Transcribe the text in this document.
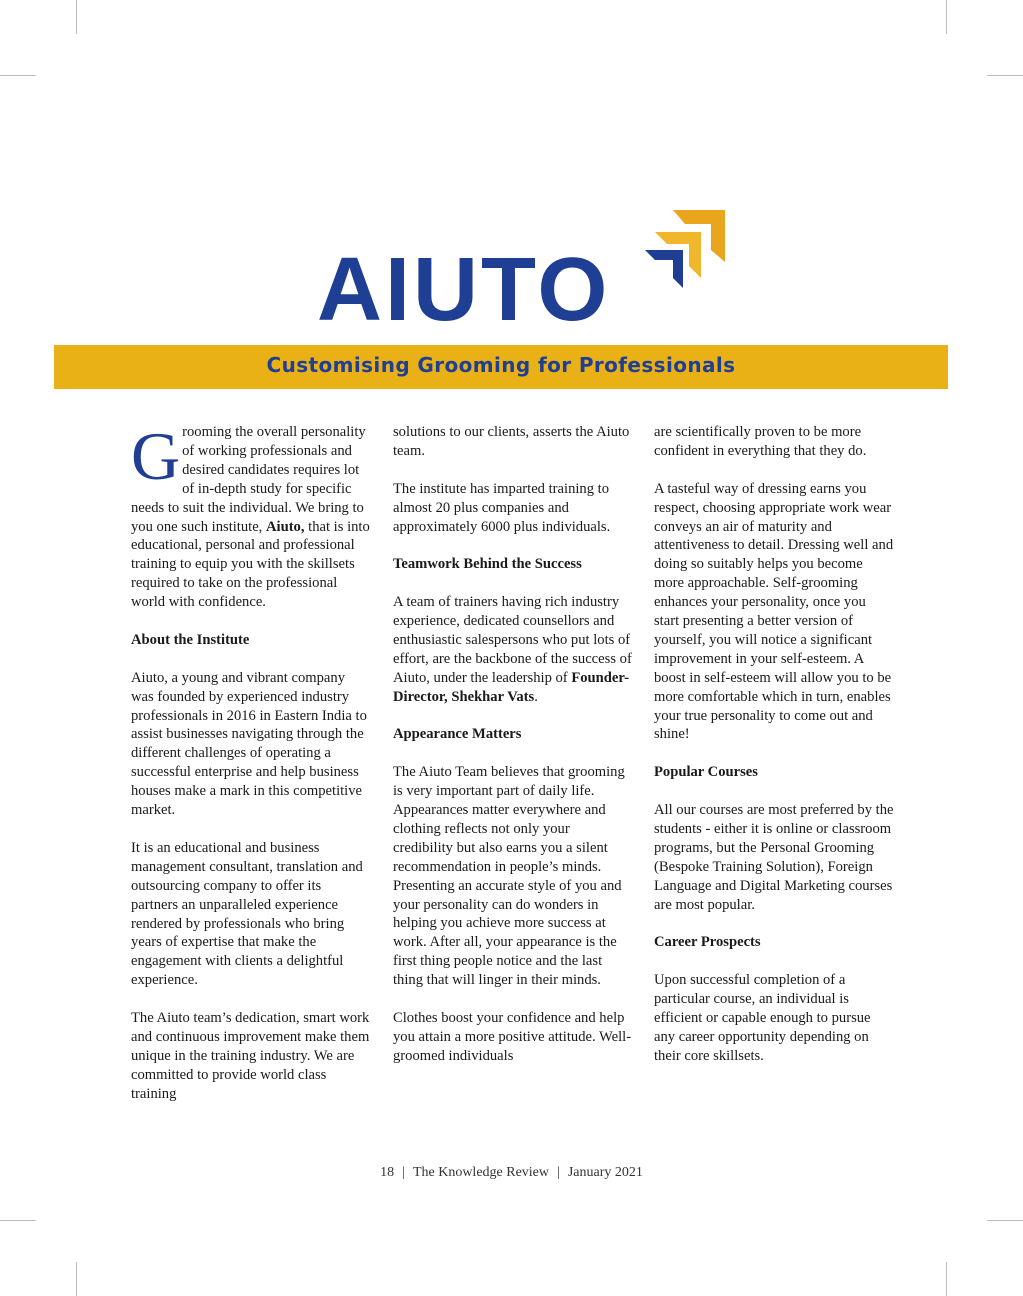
AIUTO
Customising Grooming for Professionals

Grooming the overall personality of working professionals and desired candidates requires lot of in-depth study for specific needs to suit the individual. We bring to you one such institute, Aiuto, that is into educational, personal and professional training to equip you with the skillsets required to take on the professional world with confidence.

About the Institute

Aiuto, a young and vibrant company was founded by experienced industry professionals in 2016 in Eastern India to assist businesses navigating through the different challenges of operating a successful enterprise and help business houses make a mark in this competitive market.

It is an educational and business management consultant, translation and outsourcing company to offer its partners an unparalleled experience rendered by professionals who bring years of expertise that make the engagement with clients a delightful experience.

The Aiuto team’s dedication, smart work and continuous improvement make them unique in the training industry. We are committed to provide world class training

solutions to our clients, asserts the Aiuto team.

The institute has imparted training to almost 20 plus companies and approximately 6000 plus individuals.

Teamwork Behind the Success

A team of trainers having rich industry experience, dedicated counsellors and enthusiastic salespersons who put lots of effort, are the backbone of the success of Aiuto, under the leadership of Founder-Director, Shekhar Vats.

Appearance Matters

The Aiuto Team believes that grooming is very important part of daily life. Appearances matter everywhere and clothing reflects not only your credibility but also earns you a silent recommendation in people’s minds. Presenting an accurate style of you and your personality can do wonders in helping you achieve more success at work. After all, your appearance is the first thing people notice and the last thing that will linger in their minds.

Clothes boost your confidence and help you attain a more positive attitude. Well-groomed individuals

are scientifically proven to be more confident in everything that they do.

A tasteful way of dressing earns you respect, choosing appropriate work wear conveys an air of maturity and attentiveness to detail. Dressing well and doing so suitably helps you become more approachable. Self-grooming enhances your personality, once you start presenting a better version of yourself, you will notice a significant improvement in your self-esteem. A boost in self-esteem will allow you to be more comfortable which in turn, enables your true personality to come out and shine!

Popular Courses

All our courses are most preferred by the students - either it is online or classroom programs, but the Personal Grooming (Bespoke Training Solution), Foreign Language and Digital Marketing courses are most popular.

Career Prospects

Upon successful completion of a particular course, an individual is efficient or capable enough to pursue any career opportunity depending on their core skillsets.

18 | The Knowledge Review | January 2021
